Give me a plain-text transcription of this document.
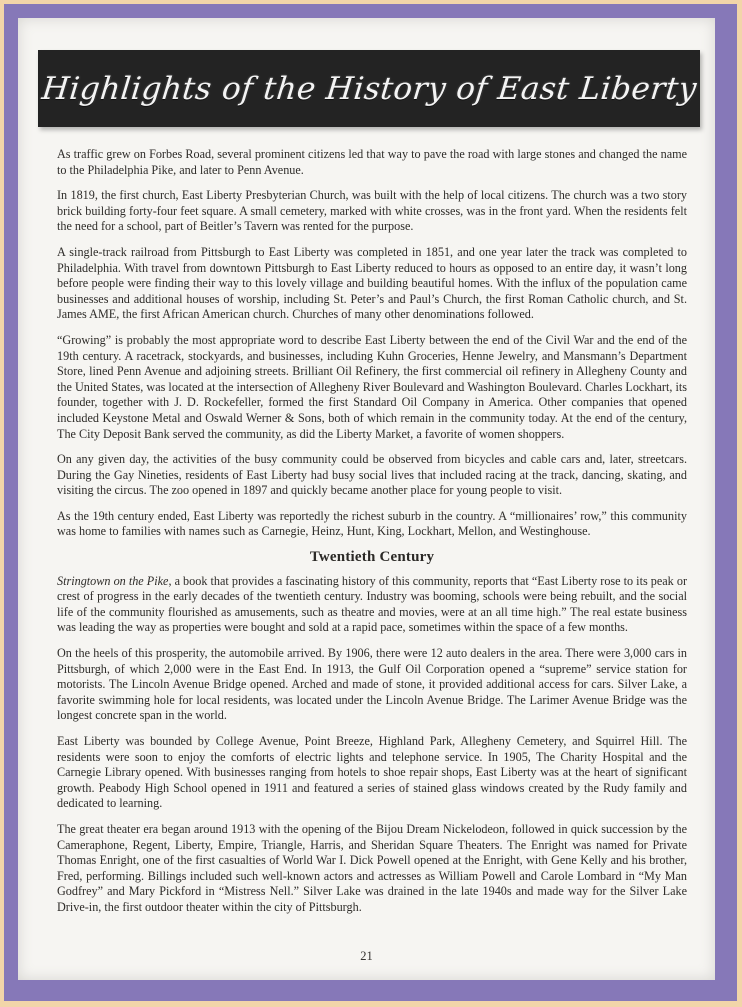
Highlights of the History of East Liberty

As traffic grew on Forbes Road, several prominent citizens led that way to pave the road with large stones and changed the name to the Philadelphia Pike, and later to Penn Avenue.

In 1819, the first church, East Liberty Presbyterian Church, was built with the help of local citizens. The church was a two story brick building forty-four feet square. A small cemetery, marked with white crosses, was in the front yard. When the residents felt the need for a school, part of Beitler’s Tavern was rented for the purpose.

A single-track railroad from Pittsburgh to East Liberty was completed in 1851, and one year later the track was completed to Philadelphia. With travel from downtown Pittsburgh to East Liberty reduced to hours as opposed to an entire day, it wasn’t long before people were finding their way to this lovely village and building beautiful homes. With the influx of the population came businesses and additional houses of worship, including St. Peter’s and Paul’s Church, the first Roman Catholic church, and St. James AME, the first African American church. Churches of many other denominations followed.

“Growing” is probably the most appropriate word to describe East Liberty between the end of the Civil War and the end of the 19th century. A racetrack, stockyards, and businesses, including Kuhn Groceries, Henne Jewelry, and Mansmann’s Department Store, lined Penn Avenue and adjoining streets. Brilliant Oil Refinery, the first commercial oil refinery in Allegheny County and the United States, was located at the intersection of Allegheny River Boulevard and Washington Boulevard. Charles Lockhart, its founder, together with J. D. Rockefeller, formed the first Standard Oil Company in America. Other companies that opened included Keystone Metal and Oswald Werner & Sons, both of which remain in the community today. At the end of the century, The City Deposit Bank served the community, as did the Liberty Market, a favorite of women shoppers.

On any given day, the activities of the busy community could be observed from bicycles and cable cars and, later, streetcars. During the Gay Nineties, residents of East Liberty had busy social lives that included racing at the track, dancing, skating, and visiting the circus. The zoo opened in 1897 and quickly became another place for young people to visit.

As the 19th century ended, East Liberty was reportedly the richest suburb in the country. A “millionaires’ row,” this community was home to families with names such as Carnegie, Heinz, Hunt, King, Lockhart, Mellon, and Westinghouse.

Twentieth Century

Stringtown on the Pike, a book that provides a fascinating history of this community, reports that “East Liberty rose to its peak or crest of progress in the early decades of the twentieth century. Industry was booming, schools were being rebuilt, and the social life of the community flourished as amusements, such as theatre and movies, were at an all time high.” The real estate business was leading the way as properties were bought and sold at a rapid pace, sometimes within the space of a few months.

On the heels of this prosperity, the automobile arrived. By 1906, there were 12 auto dealers in the area. There were 3,000 cars in Pittsburgh, of which 2,000 were in the East End. In 1913, the Gulf Oil Corporation opened a “supreme” service station for motorists. The Lincoln Avenue Bridge opened. Arched and made of stone, it provided additional access for cars. Silver Lake, a favorite swimming hole for local residents, was located under the Lincoln Avenue Bridge. The Larimer Avenue Bridge was the longest concrete span in the world.

East Liberty was bounded by College Avenue, Point Breeze, Highland Park, Allegheny Cemetery, and Squirrel Hill. The residents were soon to enjoy the comforts of electric lights and telephone service. In 1905, The Charity Hospital and the Carnegie Library opened. With businesses ranging from hotels to shoe repair shops, East Liberty was at the heart of significant growth. Peabody High School opened in 1911 and featured a series of stained glass windows created by the Rudy family and dedicated to learning.

The great theater era began around 1913 with the opening of the Bijou Dream Nickelodeon, followed in quick succession by the Cameraphone, Regent, Liberty, Empire, Triangle, Harris, and Sheridan Square Theaters. The Enright was named for Private Thomas Enright, one of the first casualties of World War I. Dick Powell opened at the Enright, with Gene Kelly and his brother, Fred, performing. Billings included such well-known actors and actresses as William Powell and Carole Lombard in “My Man Godfrey” and Mary Pickford in “Mistress Nell.” Silver Lake was drained in the late 1940s and made way for the Silver Lake Drive-in, the first outdoor theater within the city of Pittsburgh.

21
